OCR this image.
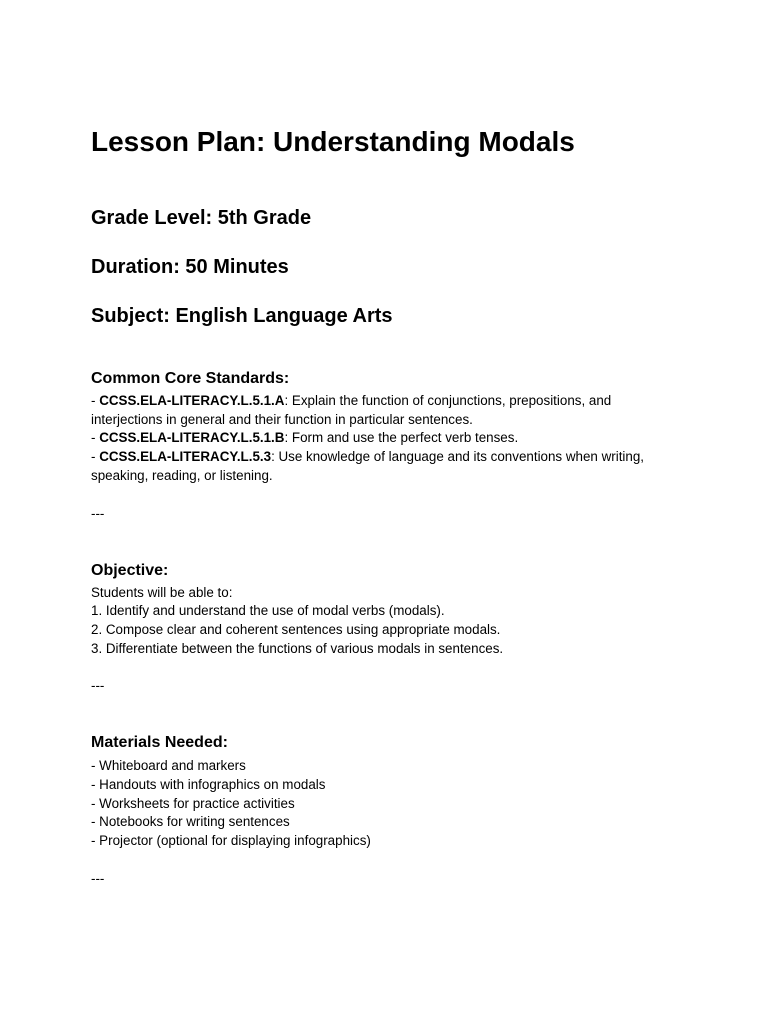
Lesson Plan: Understanding Modals
Grade Level: 5th Grade
Duration: 50 Minutes
Subject: English Language Arts
Common Core Standards:

- CCSS.ELA-LITERACY.L.5.1.A: Explain the function of conjunctions, prepositions, and

interjections in general and their function in particular sentences.

- CCSS.ELA-LITERACY.L.5.1.B: Form and use the perfect verb tenses.

- CCSS.ELA-LITERACY.L.5.3: Use knowledge of language and its conventions when writing,

speaking, reading, or listening.

---

Objective:

Students will be able to:

1. Identify and understand the use of modal verbs (modals).

2. Compose clear and coherent sentences using appropriate modals.

3. Differentiate between the functions of various modals in sentences.

---

Materials Needed:

- Whiteboard and markers

- Handouts with infographics on modals

- Worksheets for practice activities

- Notebooks for writing sentences

- Projector (optional for displaying infographics)

---
